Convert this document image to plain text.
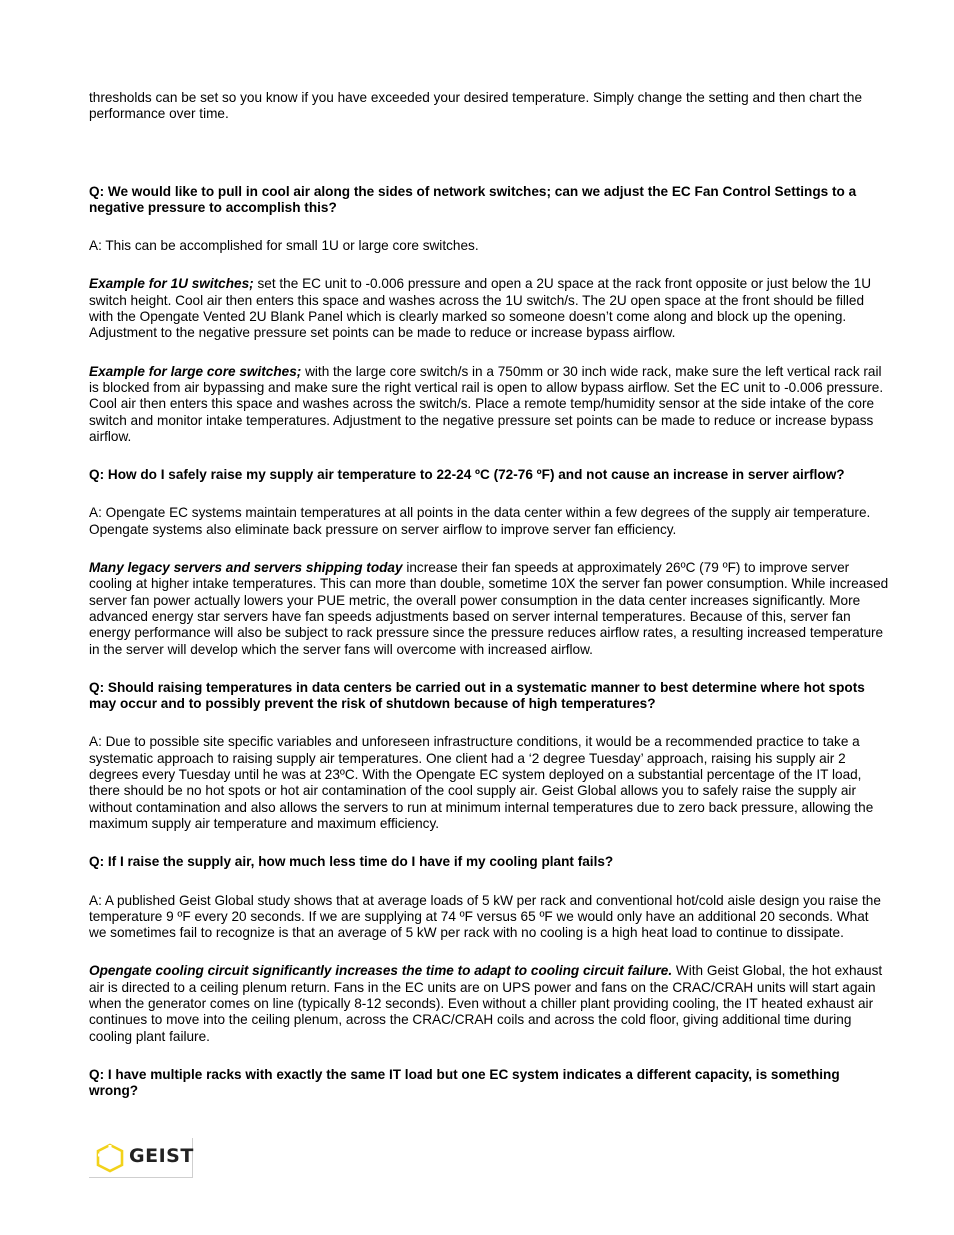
thresholds can be set so you know if you have exceeded your desired temperature. Simply change the setting and then chart the performance over time.

Q: We would like to pull in cool air along the sides of network switches; can we adjust the EC Fan Control Settings to a negative pressure to accomplish this?

A: This can be accomplished for small 1U or large core switches.

Example for 1U switches; set the EC unit to -0.006 pressure and open a 2U space at the rack front opposite or just below the 1U switch height. Cool air then enters this space and washes across the 1U switch/s. The 2U open space at the front should be filled with the Opengate Vented 2U Blank Panel which is clearly marked so someone doesn’t come along and block up the opening. Adjustment to the negative pressure set points can be made to reduce or increase bypass airflow.

Example for large core switches; with the large core switch/s in a 750mm or 30 inch wide rack, make sure the left vertical rack rail is blocked from air bypassing and make sure the right vertical rail is open to allow bypass airflow. Set the EC unit to -0.006 pressure. Cool air then enters this space and washes across the switch/s. Place a remote temp/humidity sensor at the side intake of the core switch and monitor intake temperatures. Adjustment to the negative pressure set points can be made to reduce or increase bypass airflow.

Q: How do I safely raise my supply air temperature to 22-24 ºC (72-76 ºF) and not cause an increase in server airflow?

A: Opengate EC systems maintain temperatures at all points in the data center within a few degrees of the supply air temperature. Opengate systems also eliminate back pressure on server airflow to improve server fan efficiency.

Many legacy servers and servers shipping today increase their fan speeds at approximately 26ºC (79 ºF) to improve server cooling at higher intake temperatures. This can more than double, sometime 10X the server fan power consumption. While increased server fan power actually lowers your PUE metric, the overall power consumption in the data center increases significantly. More advanced energy star servers have fan speeds adjustments based on server internal temperatures. Because of this, server fan energy performance will also be subject to rack pressure since the pressure reduces airflow rates, a resulting increased temperature in the server will develop which the server fans will overcome with increased airflow.

Q: Should raising temperatures in data centers be carried out in a systematic manner to best determine where hot spots may occur and to possibly prevent the risk of shutdown because of high temperatures?

A: Due to possible site specific variables and unforeseen infrastructure conditions, it would be a recommended practice to take a systematic approach to raising supply air temperatures. One client had a ‘2 degree Tuesday’ approach, raising his supply air 2 degrees every Tuesday until he was at 23ºC. With the Opengate EC system deployed on a substantial percentage of the IT load, there should be no hot spots or hot air contamination of the cool supply air. Geist Global allows you to safely raise the supply air without contamination and also allows the servers to run at minimum internal temperatures due to zero back pressure, allowing the maximum supply air temperature and maximum efficiency.

Q: If I raise the supply air, how much less time do I have if my cooling plant fails?

A: A published Geist Global study shows that at average loads of 5 kW per rack and conventional hot/cold aisle design you raise the temperature 9 ºF every 20 seconds. If we are supplying at 74 ºF versus 65 ºF we would only have an additional 20 seconds. What we sometimes fail to recognize is that an average of 5 kW per rack with no cooling is a high heat load to continue to dissipate.

Opengate cooling circuit significantly increases the time to adapt to cooling circuit failure. With Geist Global, the hot exhaust air is directed to a ceiling plenum return. Fans in the EC units are on UPS power and fans on the CRAC/CRAH units will start again when the generator comes on line (typically 8-12 seconds). Even without a chiller plant providing cooling, the IT heated exhaust air continues to move into the ceiling plenum, across the CRAC/CRAH coils and across the cold floor, giving additional time during cooling plant failure.

Q: I have multiple racks with exactly the same IT load but one EC system indicates a different capacity, is something wrong?

GEIST
